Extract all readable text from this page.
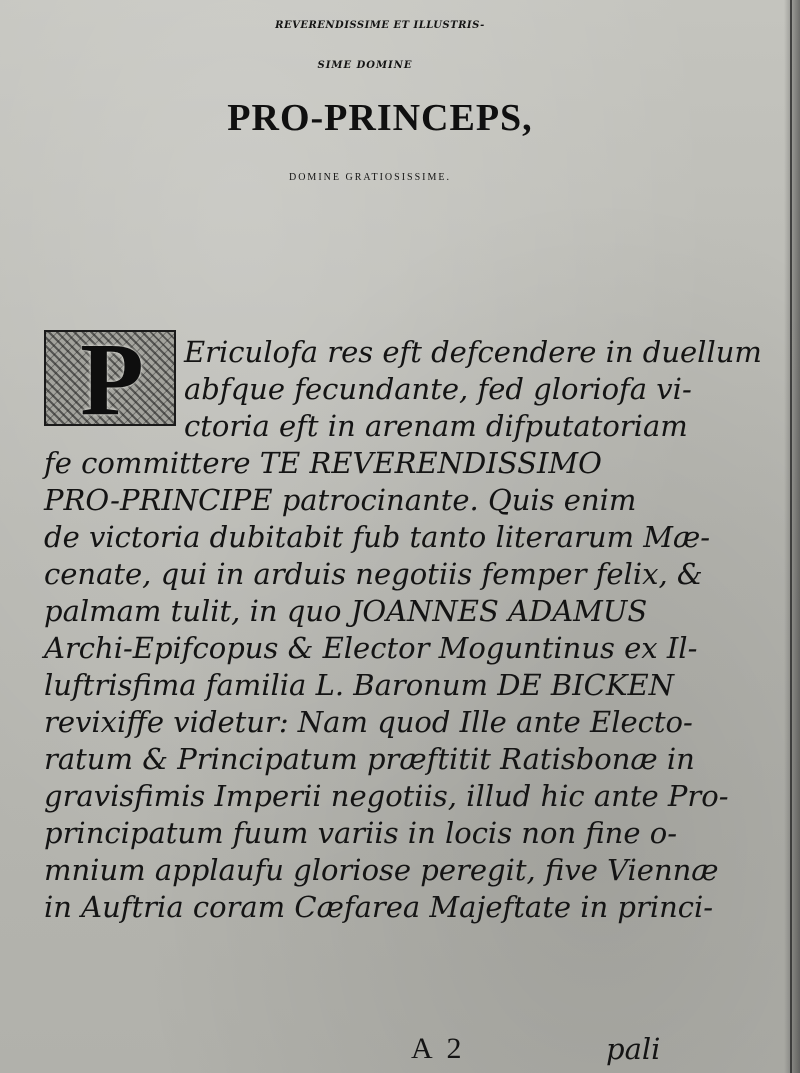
REVERENDISSIME ET ILLUSTRIS-

SIME DOMINE

PRO-PRINCEPS,

DOMINE GRATIOSISSIME.

P	Ericulofa res eft defcendere in duellum

abfque fecundante, fed gloriofa vi-

ctoria eft in arenam difputatoriam

fe committere TE REVERENDISSIMO

PRO-PRINCIPE patrocinante. Quis enim

de victoria dubitabit fub tanto literarum Mæ-

cenate, qui in arduis negotiis femper felix, &

palmam tulit, in quo JOANNES ADAMUS

Archi-Epifcopus & Elector Moguntinus ex Il-

luftrisfima familia L. Baronum DE BICKEN

revixiffe videtur: Nam quod Ille ante Electo-

ratum & Principatum præftitit Ratisbonæ in

gravisfimis Imperii negotiis, illud hic ante Pro-

principatum fuum variis in locis non fine o-

mnium applaufu gloriose peregit, five Viennæ

in Auftria coram Cæfarea Majeftate in princi-

A 2	pali
